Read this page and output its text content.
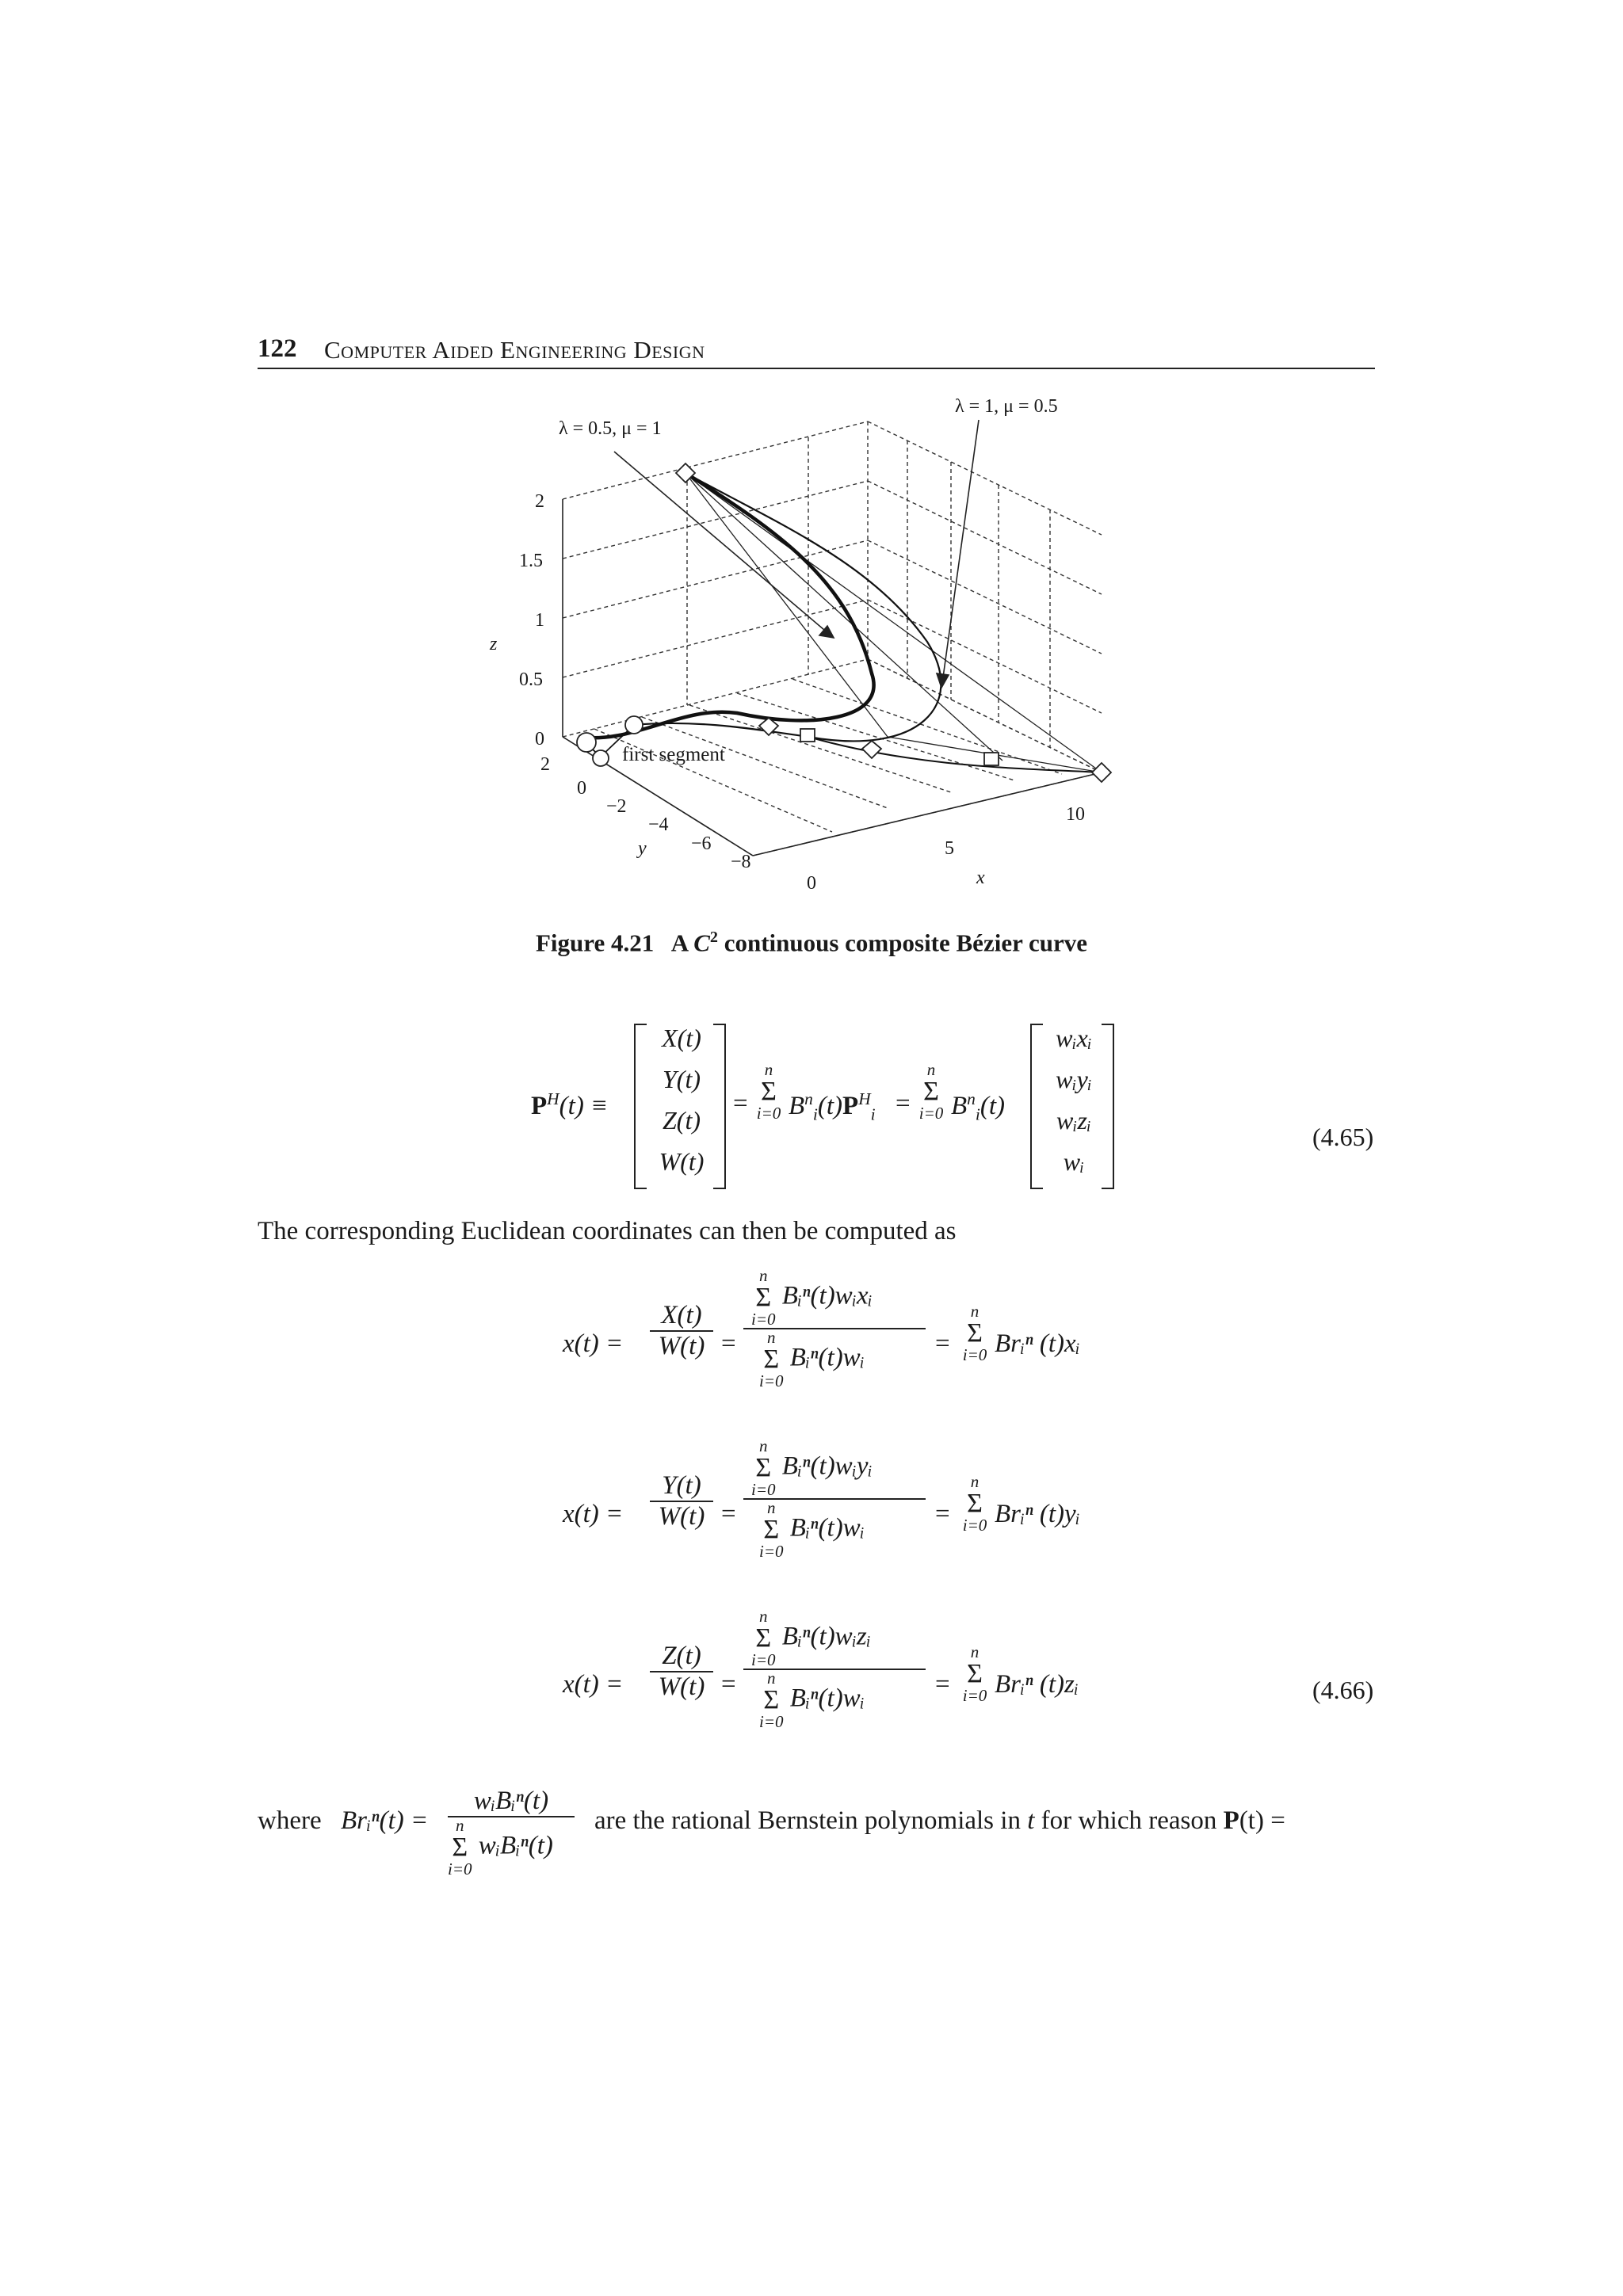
122 Computer Aided Engineering Design
λ = 0.5, μ = 1
λ = 1, μ = 0.5
first segment
z
y
x
2
1.5
1
0.5
0
2
0
−2
−4
−6
−8
0
5
10
Figure 4.21 A $C^2$ continuous composite Bézier curve
$P^H(t)$ ≡
X(t)
Y(t)
Z(t)
W(t)
=
n
Σ
i=0 $B^n_i(t)P^H_i$ =
n
Σ
i=0 $B^n_i(t)$
wᵢxᵢ
wᵢyᵢ
wᵢzᵢ
wᵢ
(4.65)
The corresponding Euclidean coordinates can then be computed as
$x(t) = \frac{X(t)}{W(t)}$ =
n
Σ
i=0
Bᵢⁿ(t)wᵢxᵢ
n
Σ
i=0
Bᵢⁿ(t)wᵢ	=
n
Σ
i=0 Brᵢⁿ (t)xᵢ
$x(t) = \frac{Y(t)}{W(t)}$ =
n
Σ
i=0
Bᵢⁿ(t)wᵢyᵢ
n
Σ
i=0
Bᵢⁿ(t)wᵢ	=
n
Σ
i=0 Brᵢⁿ (t)yᵢ
$x(t) = \frac{Z(t)}{W(t)}$ =
n
Σ
i=0
Bᵢⁿ(t)wᵢzᵢ
n
Σ
i=0
Bᵢⁿ(t)wᵢ	=
n
Σ
i=0 Brᵢⁿ (t)zᵢ	(4.66)
where Brᵢⁿ(t) =
wᵢBᵢⁿ(t)
n
Σ
i=0
wᵢBᵢⁿ(t)
are the rational Bernstein polynomials in t for which reason P(t) =
